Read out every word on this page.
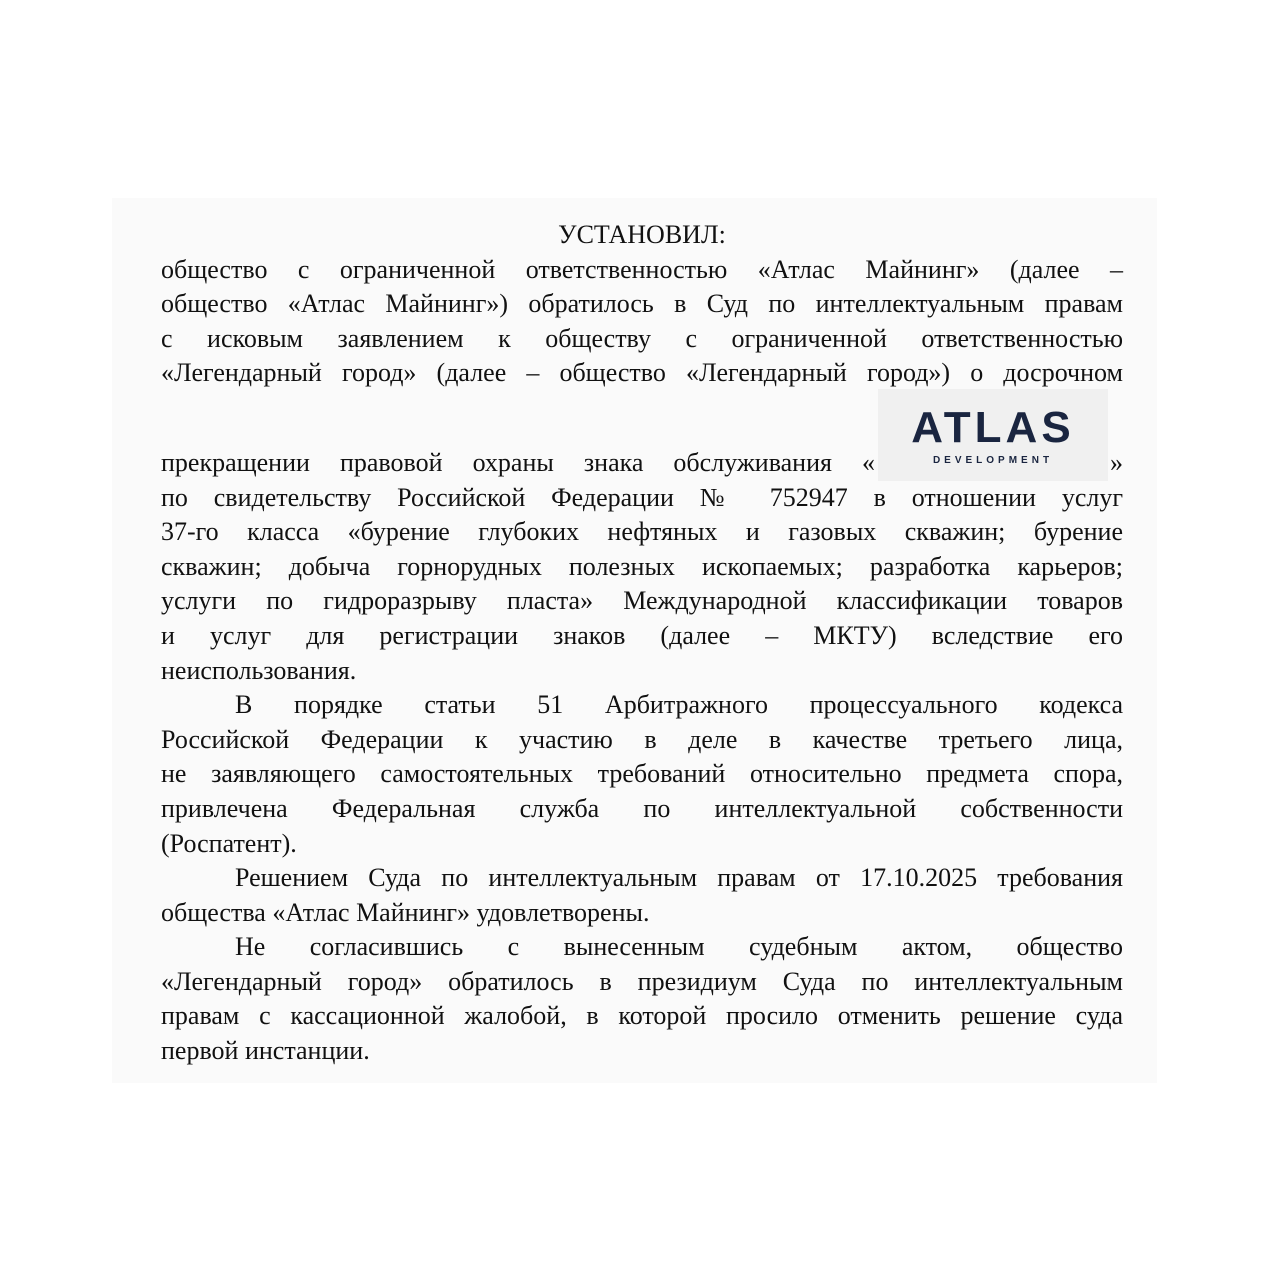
УСТАНОВИЛ:

общество с ограниченной ответственностью «Атлас Майнинг» (далее –

общество «Атлас Майнинг») обратилось в Суд по интеллектуальным правам

с исковым заявлением к обществу с ограниченной ответственностью

«Легендарный город» (далее – общество «Легендарный город») о досрочном

прекращении правовой охраны знака обслуживания «	»

по свидетельству Российской Федерации № 752947 в отношении услуг

37-го класса «бурение глубоких нефтяных и газовых скважин; бурение

скважин; добыча горнорудных полезных ископаемых; разработка карьеров;

услуги по гидроразрыву пласта» Международной классификации товаров

и услуг для регистрации знаков (далее – МКТУ) вследствие его

неиспользования.

В порядке статьи 51 Арбитражного процессуального кодекса

Российской Федерации к участию в деле в качестве третьего лица,

не заявляющего самостоятельных требований относительно предмета спора,

привлечена Федеральная служба по интеллектуальной собственности

(Роспатент).

Решением Суда по интеллектуальным правам от 17.10.2025 требования

общества «Атлас Майнинг» удовлетворены.

Не согласившись с вынесенным судебным актом, общество

«Легендарный город» обратилось в президиум Суда по интеллектуальным

правам с кассационной жалобой, в которой просило отменить решение суда

первой инстанции.

ATLAS
DEVELOPMENT
